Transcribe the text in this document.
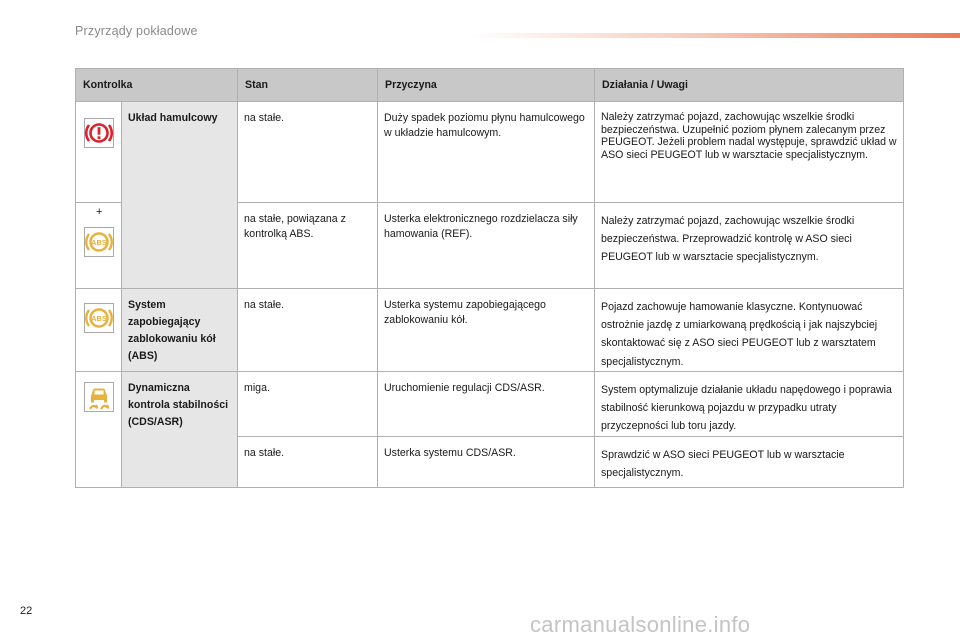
Przyrządy pokładowe
Kontrolka		Stan	Przyczyna	Działania / Uwagi

	Układ hamulcowy	na stałe.	Duży spadek poziomu płynu hamulcowego w układzie hamulcowym.	Należy zatrzymać pojazd, zachowując wszelkie środki bezpieczeństwa. Uzupełnić poziom płynem zalecanym przez PEUGEOT. Jeżeli problem nadal występuje, sprawdzić układ w ASO sieci PEUGEOT lub w warsztacie specjalistycznym.

+
ABS		na stałe, powiązana z kontrolką ABS.	Usterka elektronicznego rozdzielacza siły hamowania (REF).	Należy zatrzymać pojazd, zachowując wszelkie środki bezpieczeństwa. Przeprowadzić kontrolę w ASO sieci PEUGEOT lub w warsztacie specjalistycznym.

ABS	System zapobiegający zablokowaniu kół (ABS)	na stałe.	Usterka systemu zapobiegającego zablokowaniu kół.	Pojazd zachowuje hamowanie klasyczne. Kontynuować ostrożnie jazdę z umiarkowaną prędkością i jak najszybciej skontaktować się z ASO sieci PEUGEOT lub z warsztatem specjalistycznym.

	Dynamiczna kontrola stabilności (CDS/ASR)	miga.	Uruchomienie regulacji CDS/ASR.	System optymalizuje działanie układu napędowego i poprawia stabilność kierunkową pojazdu w przypadku utraty przyczepności lub toru jazdy.
		na stałe.	Usterka systemu CDS/ASR.	Sprawdzić w ASO sieci PEUGEOT lub w warsztacie specjalistycznym.
22
carmanualsonline.info
